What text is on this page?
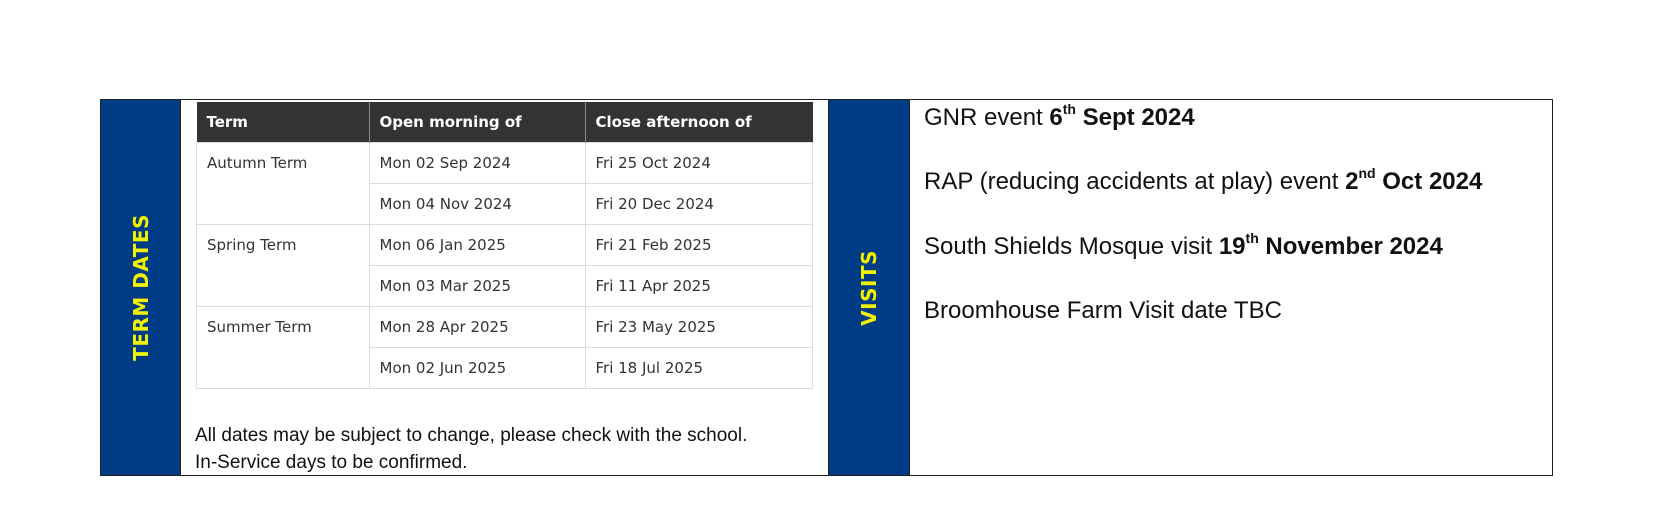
TERM DATES
Term	Open morning of	Close afternoon of
Autumn Term	Mon 02 Sep 2024	Fri 25 Oct 2024
	Mon 04 Nov 2024	Fri 20 Dec 2024
Spring Term	Mon 06 Jan 2025	Fri 21 Feb 2025
	Mon 03 Mar 2025	Fri 11 Apr 2025
Summer Term	Mon 28 Apr 2025	Fri 23 May 2025
	Mon 02 Jun 2025	Fri 18 Jul 2025
All dates may be subject to change, please check with the school.
In-Service days to be confirmed.
VISITS
GNR event 6th Sept 2024
RAP (reducing accidents at play) event 2nd Oct 2024
South Shields Mosque visit 19th November 2024
Broomhouse Farm Visit date TBC
